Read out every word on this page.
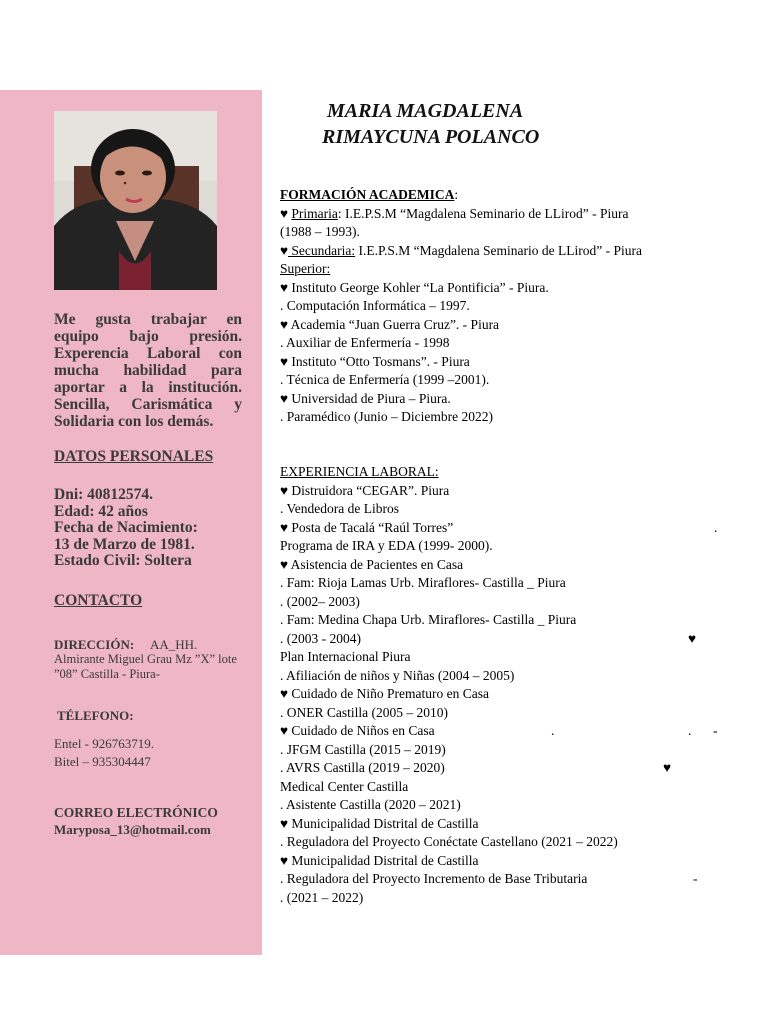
Me gusta trabajar en equipo bajo presión. Experencia Laboral con mucha habilidad para aportar a la institución. Sencilla, Carismática y Solidaria con los demás.
DATOS PERSONALES
Dni: 40812574.
Edad: 42 años
Fecha de Nacimiento:
13 de Marzo de 1981.
Estado Civil: Soltera
CONTACTO
DIRECCIÓN: AA_HH.
Almirante Miguel Grau Mz ”X” lote ”08” Castilla - Piura-
TÉLEFONO:
Entel - 926763719.
Bitel – 935304447
CORREO ELECTRÓNICO
Maryposa_13@hotmail.com
MARIA MAGDALENA
RIMAYCUNA POLANCO
FORMACIÓN ACADEMICA:
♥ Primaria: I.E.P.S.M “Magdalena Seminario de LLirod” - Piura
(1988 – 1993).
♥ Secundaria: I.E.P.S.M “Magdalena Seminario de LLirod” - Piura
Superior:
♥ Instituto George Kohler “La Pontificia” - Piura.
. Computación Informática – 1997.
♥ Academia “Juan Guerra Cruz”. - Piura
. Auxiliar de Enfermería - 1998
♥ Instituto “Otto Tosmans”. - Piura
. Técnica de Enfermería (1999 –2001).
♥ Universidad de Piura – Piura.
. Paramédico (Junio – Diciembre 2022)
EXPERIENCIA LABORAL:
♥ Distruidora “CEGAR”. Piura
. Vendedora de Libros
♥ Posta de Tacalá “Raúl Torres”	.
Programa de IRA y EDA (1999- 2000).
♥ Asistencia de Pacientes en Casa
. Fam: Rioja Lamas Urb. Miraflores- Castilla _ Piura
. (2002– 2003)
. Fam: Medina Chapa Urb. Miraflores- Castilla _ Piura
. (2003 - 2004)	♥
Plan Internacional Piura
. Afiliación de niños y Niñas (2004 – 2005)
♥ Cuidado de Niño Prematuro en Casa
. ONER Castilla (2005 – 2010)
♥ Cuidado de Niños en Casa	.	. -
. JFGM Castilla (2015 – 2019)
. AVRS Castilla (2019 – 2020)	♥
Medical Center Castilla
. Asistente Castilla (2020 – 2021)
♥ Municipalidad Distrital de Castilla
. Reguladora del Proyecto Conéctate Castellano (2021 – 2022)
♥ Municipalidad Distrital de Castilla
. Reguladora del Proyecto Incremento de Base Tributaria	-
. (2021 – 2022)
